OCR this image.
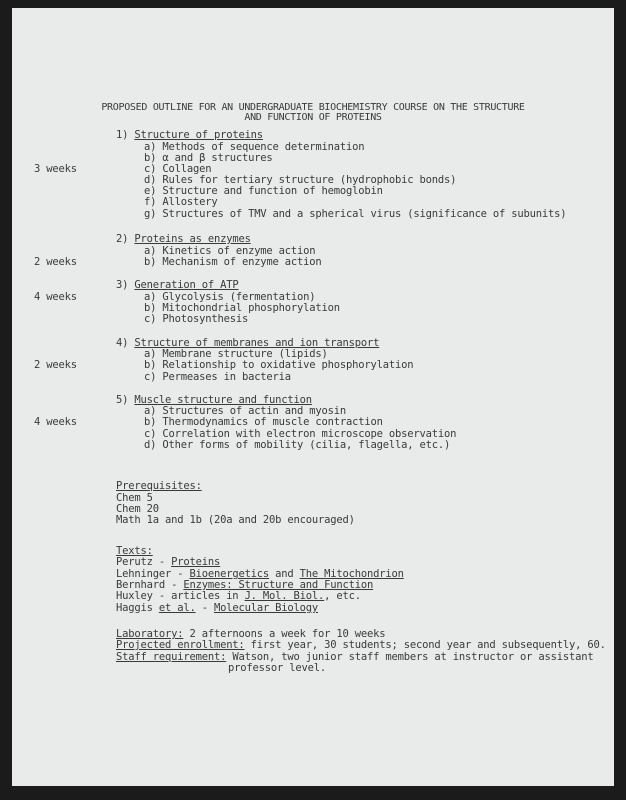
PROPOSED OUTLINE FOR AN UNDERGRADUATE BIOCHEMISTRY COURSE ON THE STRUCTURE
AND FUNCTION OF PROTEINS
1) Structure of proteins
a) Methods of sequence determination
b) α and β structures
3 weeks	c) Collagen
d) Rules for tertiary structure (hydrophobic bonds)
e) Structure and function of hemoglobin
f) Allostery
g) Structures of TMV and a spherical virus (significance of subunits)
2) Proteins as enzymes
a) Kinetics of enzyme action
2 weeks	b) Mechanism of enzyme action
3) Generation of ATP
4 weeks	a) Glycolysis (fermentation)
b) Mitochondrial phosphorylation
c) Photosynthesis
4) Structure of membranes and ion transport
a) Membrane structure (lipids)
2 weeks	b) Relationship to oxidative phosphorylation
c) Permeases in bacteria
5) Muscle structure and function
a) Structures of actin and myosin
4 weeks	b) Thermodynamics of muscle contraction
c) Correlation with electron microscope observation
d) Other forms of mobility (cilia, flagella, etc.)
Prerequisites:
Chem 5
Chem 20
Math 1a and 1b (20a and 20b encouraged)
Texts:
Perutz - Proteins
Lehninger - Bioenergetics and The Mitochondrion
Bernhard - Enzymes: Structure and Function
Huxley - articles in J. Mol. Biol., etc.
Haggis et al. - Molecular Biology
Laboratory: 2 afternoons a week for 10 weeks
Projected enrollment: first year, 30 students; second year and subsequently, 60.
Staff requirement: Watson, two junior staff members at instructor or assistant
professor level.
